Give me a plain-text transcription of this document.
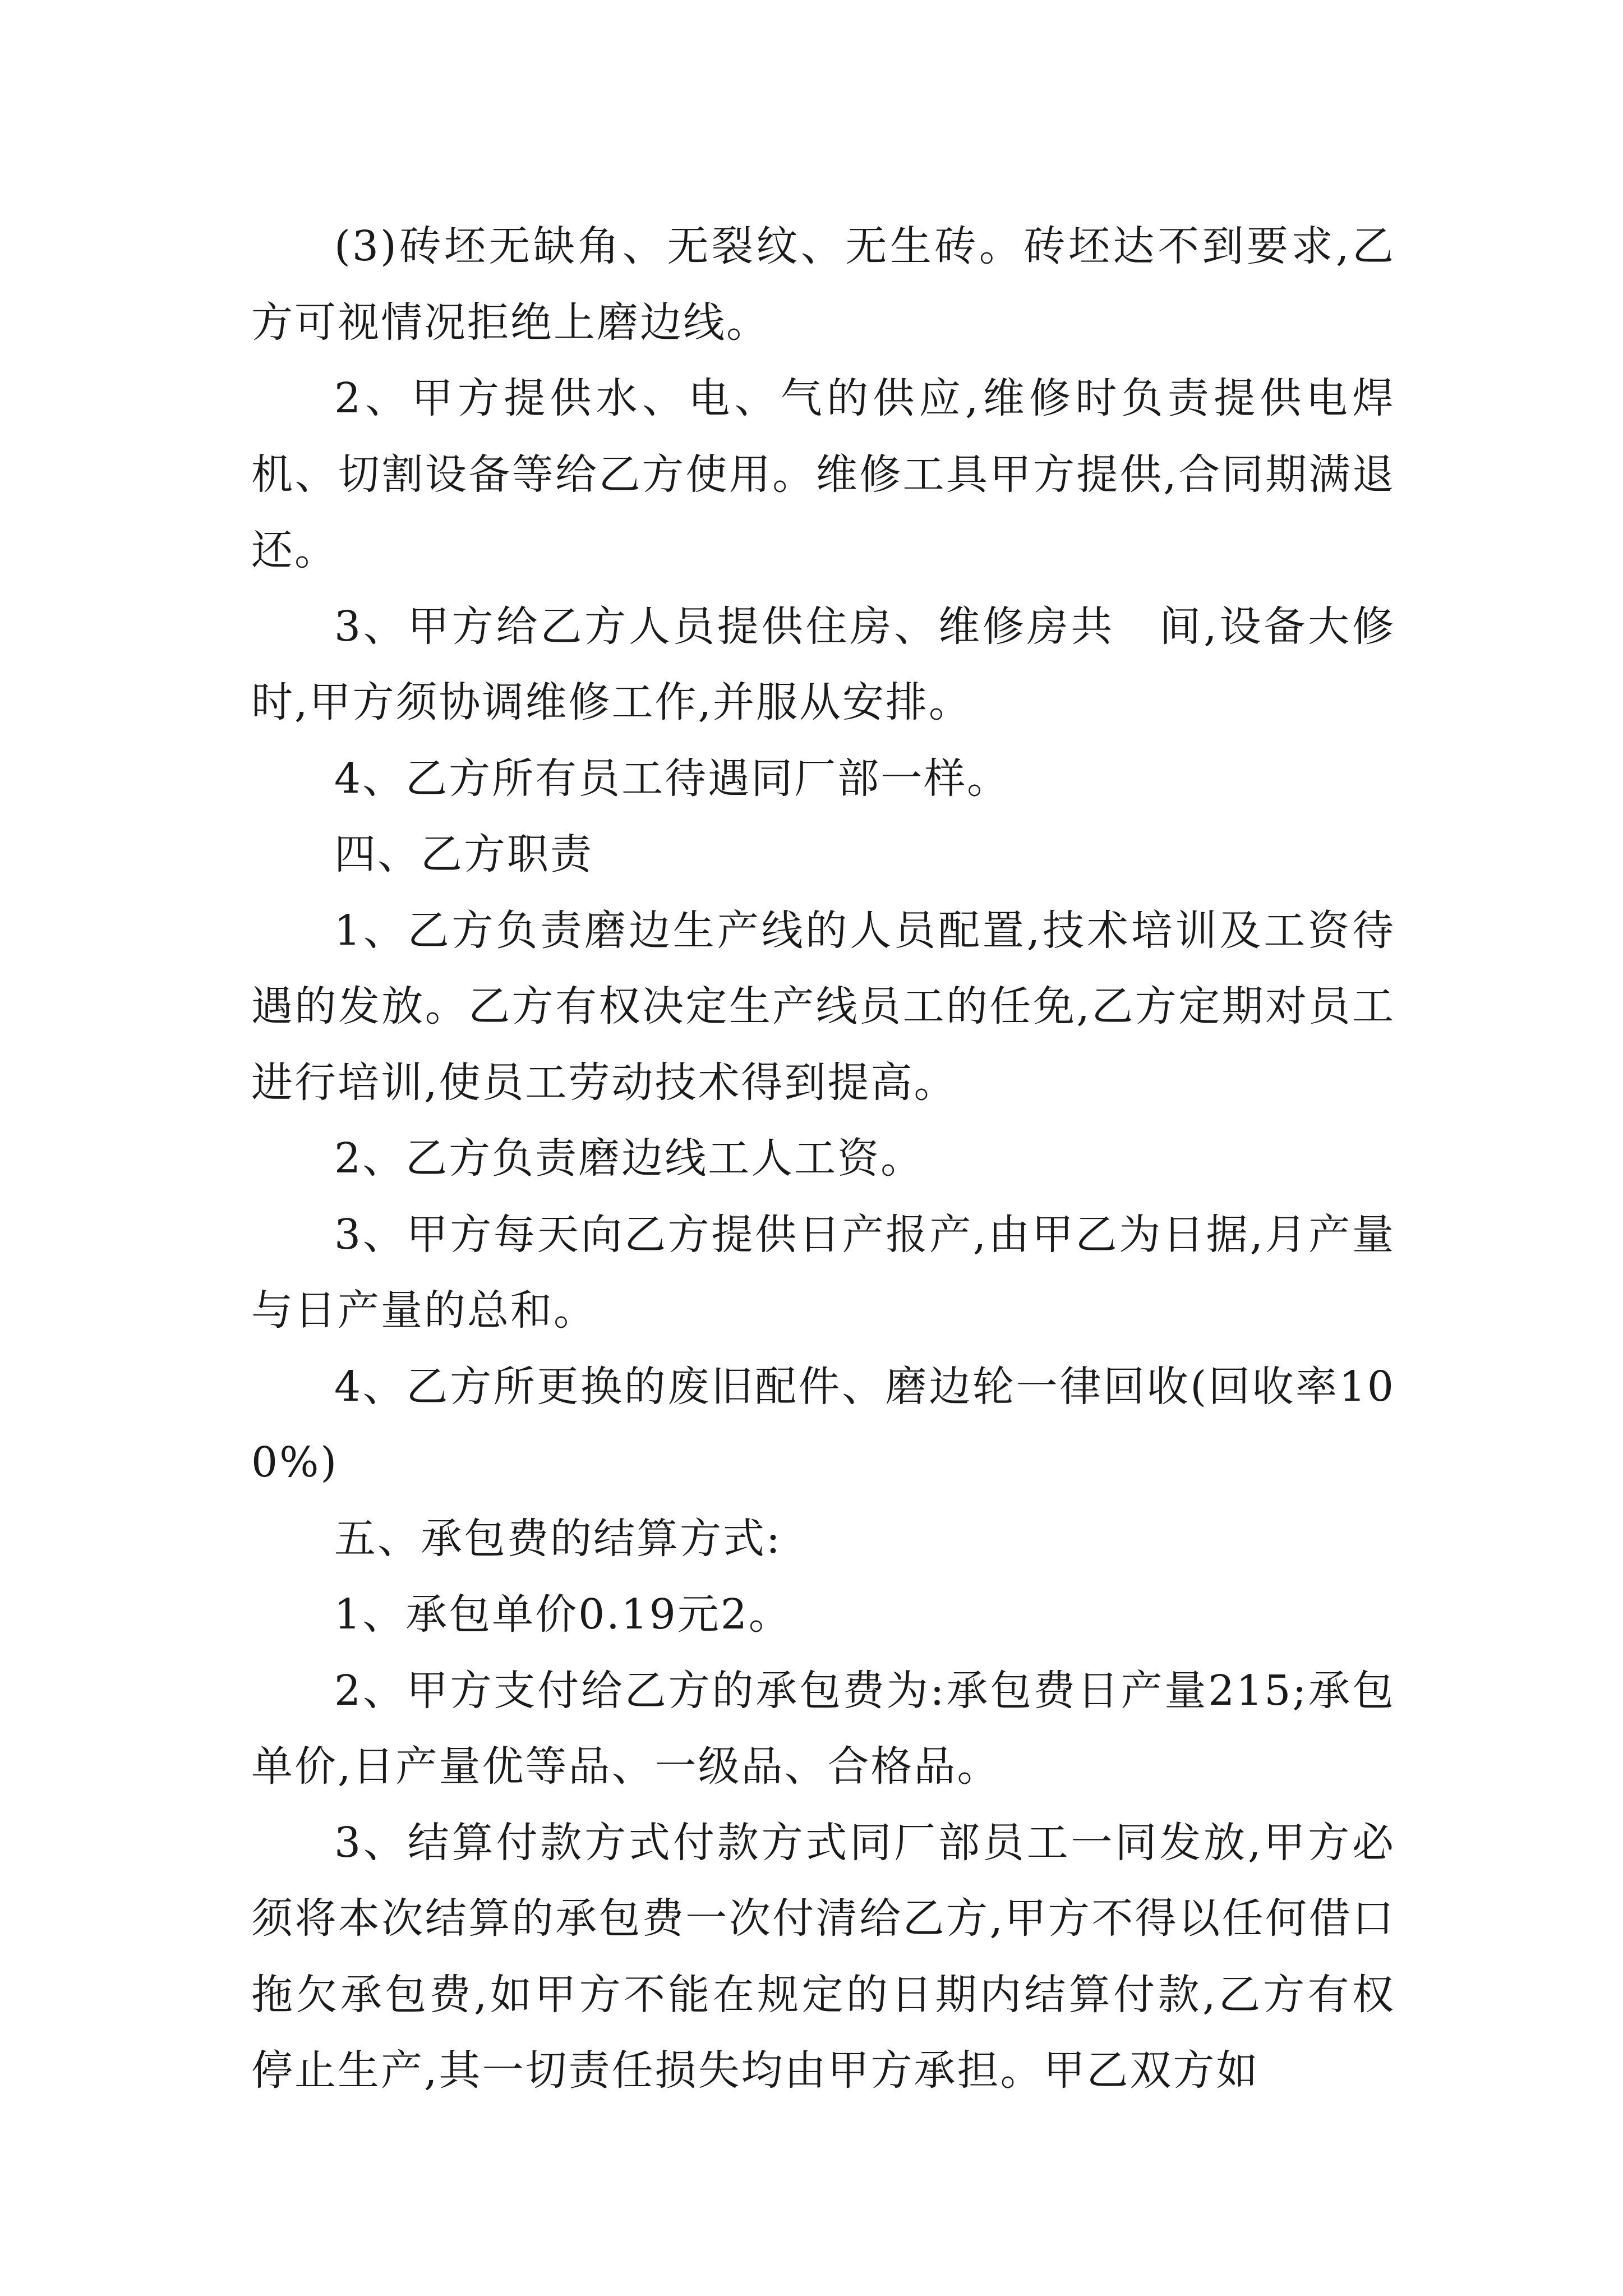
(3)砖坯无缺角、无裂纹、无生砖。砖坯达不到要求,乙方可视情况拒绝上磨边线。

2、甲方提供水、电、气的供应,维修时负责提供电焊机、切割设备等给乙方使用。维修工具甲方提供,合同期满退还。

3、甲方给乙方人员提供住房、维修房共　间,设备大修时,甲方须协调维修工作,并服从安排。

4、乙方所有员工待遇同厂部一样。

四、乙方职责

1、乙方负责磨边生产线的人员配置,技术培训及工资待遇的发放。乙方有权决定生产线员工的任免,乙方定期对员工进行培训,使员工劳动技术得到提高。

2、乙方负责磨边线工人工资。

3、甲方每天向乙方提供日产报产,由甲乙为日据,月产量与日产量的总和。

4、乙方所更换的废旧配件、磨边轮一律回收(回收率100%)

五、承包费的结算方式:

1、承包单价0.19元2。

2、甲方支付给乙方的承包费为:承包费日产量215;承包单价,日产量优等品、一级品、合格品。

3、结算付款方式付款方式同厂部员工一同发放,甲方必须将本次结算的承包费一次付清给乙方,甲方不得以任何借口拖欠承包费,如甲方不能在规定的日期内结算付款,乙方有权停止生产,其一切责任损失均由甲方承担。甲乙双方如
